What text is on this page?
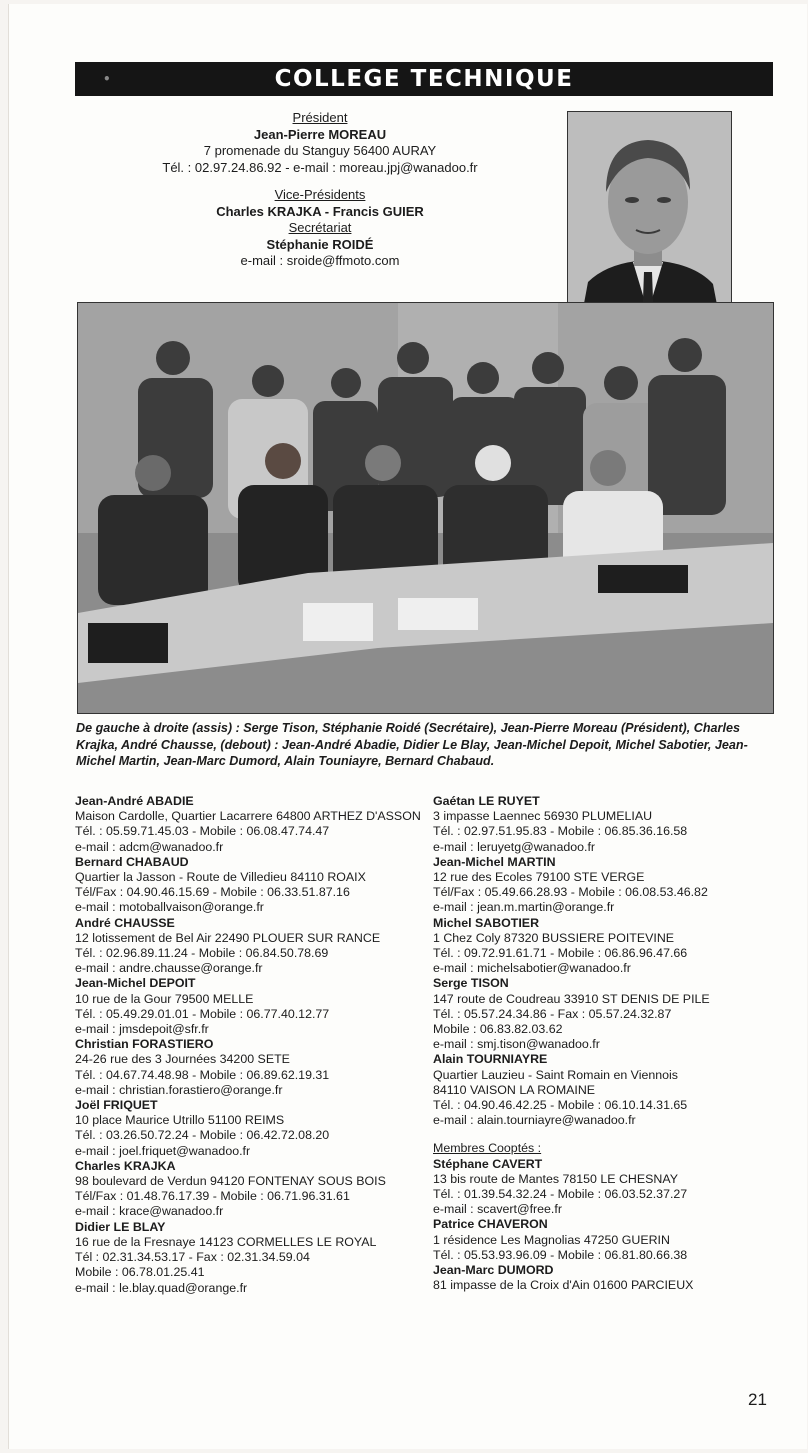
•	COLLEGE TECHNIQUE
Président
Jean-Pierre MOREAU
7 promenade du Stanguy 56400 AURAY
Tél. : 02.97.24.86.92 - e-mail : moreau.jpj@wanadoo.fr
Vice-Présidents
Charles KRAJKA - Francis GUIER
Secrétariat
Stéphanie ROIDÉ
e-mail : sroide@ffmoto.com
De gauche à droite (assis) : Serge Tison, Stéphanie Roidé (Secrétaire), Jean-Pierre Moreau (Président), Charles Krajka, André Chausse, (debout) : Jean-André Abadie, Didier Le Blay, Jean-Michel Depoit, Michel Sabotier, Jean-Michel Martin, Jean-Marc Dumord, Alain Touniayre, Bernard Chabaud.
Jean-André ABADIE
Maison Cardolle, Quartier Lacarrere 64800 ARTHEZ D'ASSON
Tél. : 05.59.71.45.03 - Mobile : 06.08.47.74.47
e-mail : adcm@wanadoo.fr
Bernard CHABAUD
Quartier la Jasson - Route de Villedieu 84110 ROAIX
Tél/Fax : 04.90.46.15.69 - Mobile : 06.33.51.87.16
e-mail : motoballvaison@orange.fr
André CHAUSSE
12 lotissement de Bel Air 22490 PLOUER SUR RANCE
Tél. : 02.96.89.11.24 - Mobile : 06.84.50.78.69
e-mail : andre.chausse@orange.fr
Jean-Michel DEPOIT
10 rue de la Gour 79500 MELLE
Tél. : 05.49.29.01.01 - Mobile : 06.77.40.12.77
e-mail : jmsdepoit@sfr.fr
Christian FORASTIERO
24-26 rue des 3 Journées 34200 SETE
Tél. : 04.67.74.48.98 - Mobile : 06.89.62.19.31
e-mail : christian.forastiero@orange.fr
Joël FRIQUET
10 place Maurice Utrillo 51100 REIMS
Tél. : 03.26.50.72.24 - Mobile : 06.42.72.08.20
e-mail : joel.friquet@wanadoo.fr
Charles KRAJKA
98 boulevard de Verdun 94120 FONTENAY SOUS BOIS
Tél/Fax : 01.48.76.17.39 - Mobile : 06.71.96.31.61
e-mail : krace@wanadoo.fr
Didier LE BLAY
16 rue de la Fresnaye 14123 CORMELLES LE ROYAL
Tél : 02.31.34.53.17 - Fax : 02.31.34.59.04
Mobile : 06.78.01.25.41
e-mail : le.blay.quad@orange.fr
Gaétan LE RUYET
3 impasse Laennec 56930 PLUMELIAU
Tél. : 02.97.51.95.83 - Mobile : 06.85.36.16.58
e-mail : leruyetg@wanadoo.fr
Jean-Michel MARTIN
12 rue des Ecoles 79100 STE VERGE
Tél/Fax : 05.49.66.28.93 - Mobile : 06.08.53.46.82
e-mail : jean.m.martin@orange.fr
Michel SABOTIER
1 Chez Coly 87320 BUSSIERE POITEVINE
Tél. : 09.72.91.61.71 - Mobile : 06.86.96.47.66
e-mail : michelsabotier@wanadoo.fr
Serge TISON
147 route de Coudreau 33910 ST DENIS DE PILE
Tél. : 05.57.24.34.86 - Fax : 05.57.24.32.87
Mobile : 06.83.82.03.62
e-mail : smj.tison@wanadoo.fr
Alain TOURNIAYRE
Quartier Lauzieu - Saint Romain en Viennois
84110 VAISON LA ROMAINE
Tél. : 04.90.46.42.25 - Mobile : 06.10.14.31.65
e-mail : alain.tourniayre@wanadoo.fr
Membres Cooptés :
Stéphane CAVERT
13 bis route de Mantes 78150 LE CHESNAY
Tél. : 01.39.54.32.24 - Mobile : 06.03.52.37.27
e-mail : scavert@free.fr
Patrice CHAVERON
1 résidence Les Magnolias 47250 GUERIN
Tél. : 05.53.93.96.09 - Mobile : 06.81.80.66.38
Jean-Marc DUMORD
81 impasse de la Croix d'Ain 01600 PARCIEUX
21
